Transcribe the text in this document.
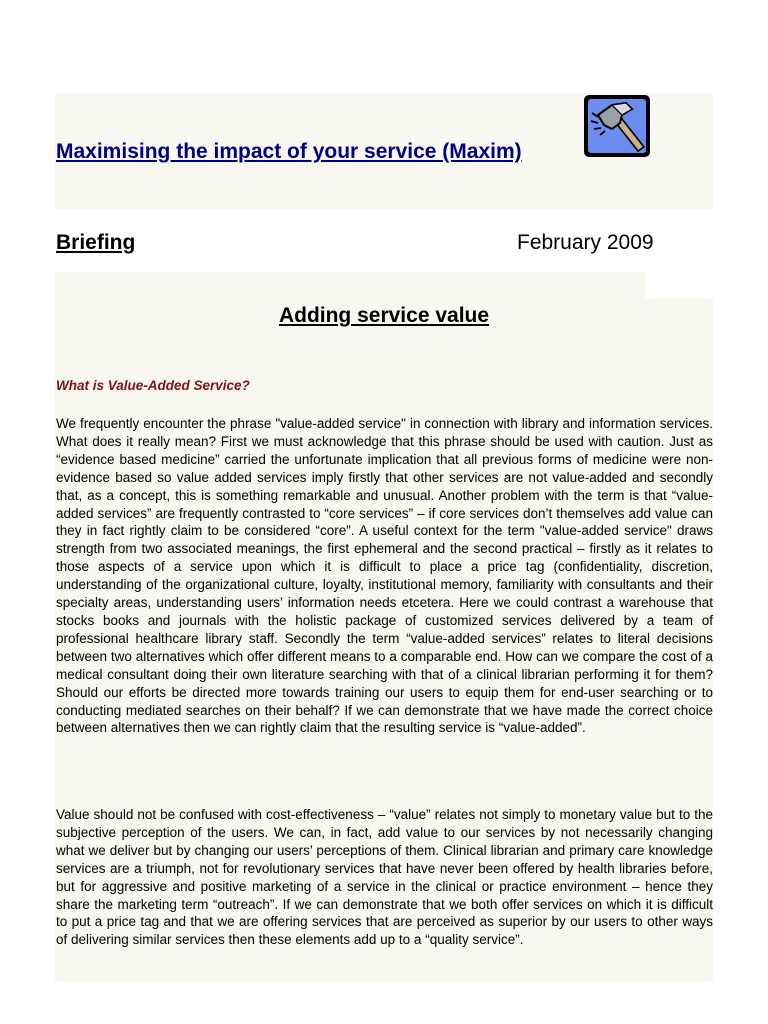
Maximising the impact of your service (Maxim)
Briefing	February 2009
Adding service value
What is Value-Added Service?

We frequently encounter the phrase "value-added service" in connection with library and information services. What does it really mean? First we must acknowledge that this phrase should be used with caution. Just as “evidence based medicine” carried the unfortunate implication that all previous forms of medicine were non-evidence based so value added services imply firstly that other services are not value-added and secondly that, as a concept, this is something remarkable and unusual. Another problem with the term is that “value-added services” are frequently contrasted to “core services” – if core services don’t themselves add value can they in fact rightly claim to be considered “core”. A useful context for the term "value-added service" draws strength from two associated meanings, the first ephemeral and the second practical – firstly as it relates to those aspects of a service upon which it is difficult to place a price tag (confidentiality, discretion, understanding of the organizational culture, loyalty, institutional memory, familiarity with consultants and their specialty areas, understanding users’ information needs etcetera. Here we could contrast a warehouse that stocks books and journals with the holistic package of customized services delivered by a team of professional healthcare library staff. Secondly the term “value-added services” relates to literal decisions between two alternatives which offer different means to a comparable end. How can we compare the cost of a medical consultant doing their own literature searching with that of a clinical librarian performing it for them? Should our efforts be directed more towards training our users to equip them for end-user searching or to conducting mediated searches on their behalf? If we can demonstrate that we have made the correct choice between alternatives then we can rightly claim that the resulting service is “value-added”.

Value should not be confused with cost-effectiveness – “value” relates not simply to monetary value but to the subjective perception of the users. We can, in fact, add value to our services by not necessarily changing what we deliver but by changing our users’ perceptions of them. Clinical librarian and primary care knowledge services are a triumph, not for revolutionary services that have never been offered by health libraries before, but for aggressive and positive marketing of a service in the clinical or practice environment – hence they share the marketing term “outreach”. If we can demonstrate that we both offer services on which it is difficult to put a price tag and that we are offering services that are perceived as superior by our users to other ways of delivering similar services then these elements add up to a “quality service”.
